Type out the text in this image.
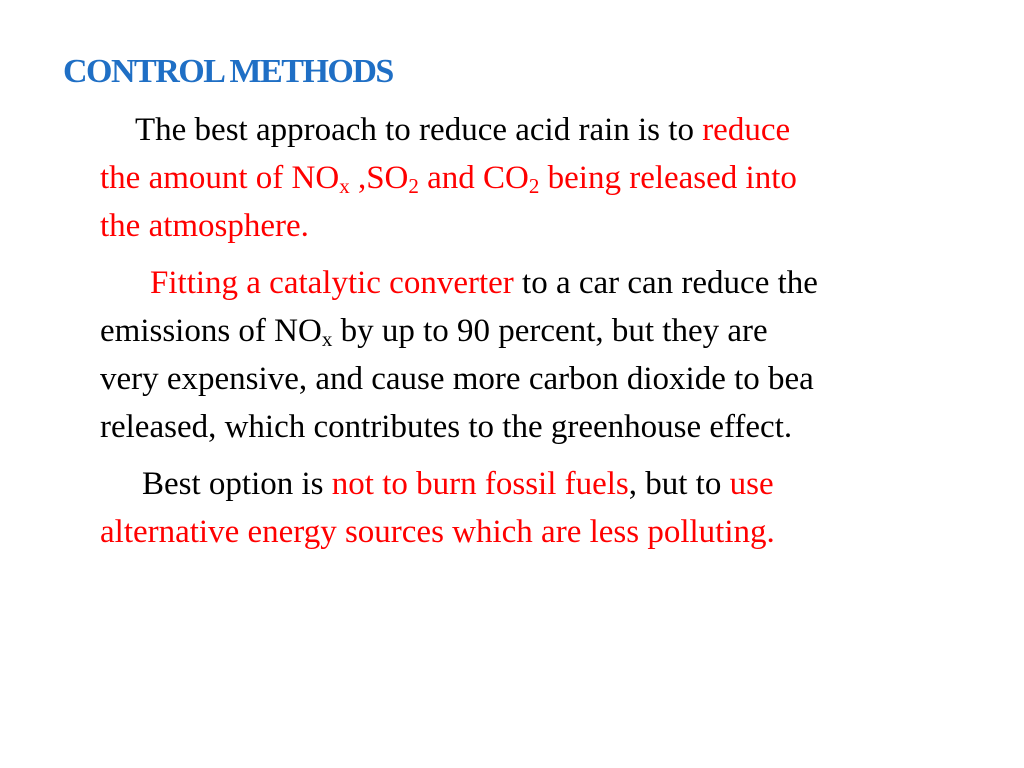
CONTROL METHODS
The best approach to reduce acid rain is to reduce
the amount of $NO_x$ $,SO_2$ and $CO_2$ being released into
the atmosphere.
Fitting a catalytic converter to a car can reduce the
emissions of $NO_x$ by up to 90 percent, but they are
very expensive, and cause more carbon dioxide to bea
released, which contributes to the greenhouse effect.
Best option is not to burn fossil fuels, but to use
alternative energy sources which are less polluting.
